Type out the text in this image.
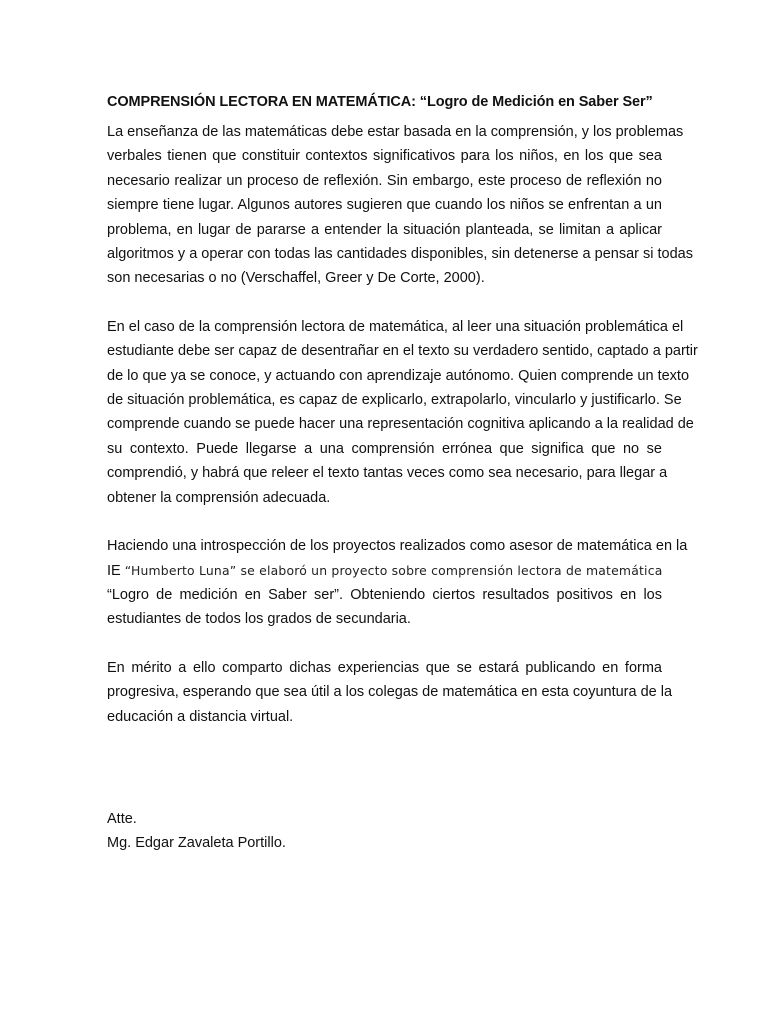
COMPRENSIÓN LECTORA EN MATEMÁTICA: “Logro de Medición en Saber Ser”
La enseñanza de las matemáticas debe estar basada en la comprensión, y los problemas
verbales tienen que constituir contextos significativos para los niños, en los que sea
necesario realizar un proceso de reflexión. Sin embargo, este proceso de reflexión no
siempre tiene lugar. Algunos autores sugieren que cuando los niños se enfrentan a un
problema, en lugar de pararse a entender la situación planteada, se limitan a aplicar
algoritmos y a operar con todas las cantidades disponibles, sin detenerse a pensar si todas
son necesarias o no (Verschaffel, Greer y De Corte, 2000).
En el caso de la comprensión lectora de matemática, al leer una situación problemática el
estudiante debe ser capaz de desentrañar en el texto su verdadero sentido, captado a partir
de lo que ya se conoce, y actuando con aprendizaje autónomo. Quien comprende un texto
de situación problemática, es capaz de explicarlo, extrapolarlo, vincularlo y justificarlo. Se
comprende cuando se puede hacer una representación cognitiva aplicando a la realidad de
su contexto. Puede llegarse a una comprensión errónea que significa que no se
comprendió, y habrá que releer el texto tantas veces como sea necesario, para llegar a
obtener la comprensión adecuada.
Haciendo una introspección de los proyectos realizados como asesor de matemática en la
IE “Humberto Luna” se elaboró un proyecto sobre comprensión lectora de matemática
“Logro de medición en Saber ser”. Obteniendo ciertos resultados positivos en los
estudiantes de todos los grados de secundaria.
En mérito a ello comparto dichas experiencias que se estará publicando en forma
progresiva, esperando que sea útil a los colegas de matemática en esta coyuntura de la
educación a distancia virtual.
Atte.
Mg. Edgar Zavaleta Portillo.
